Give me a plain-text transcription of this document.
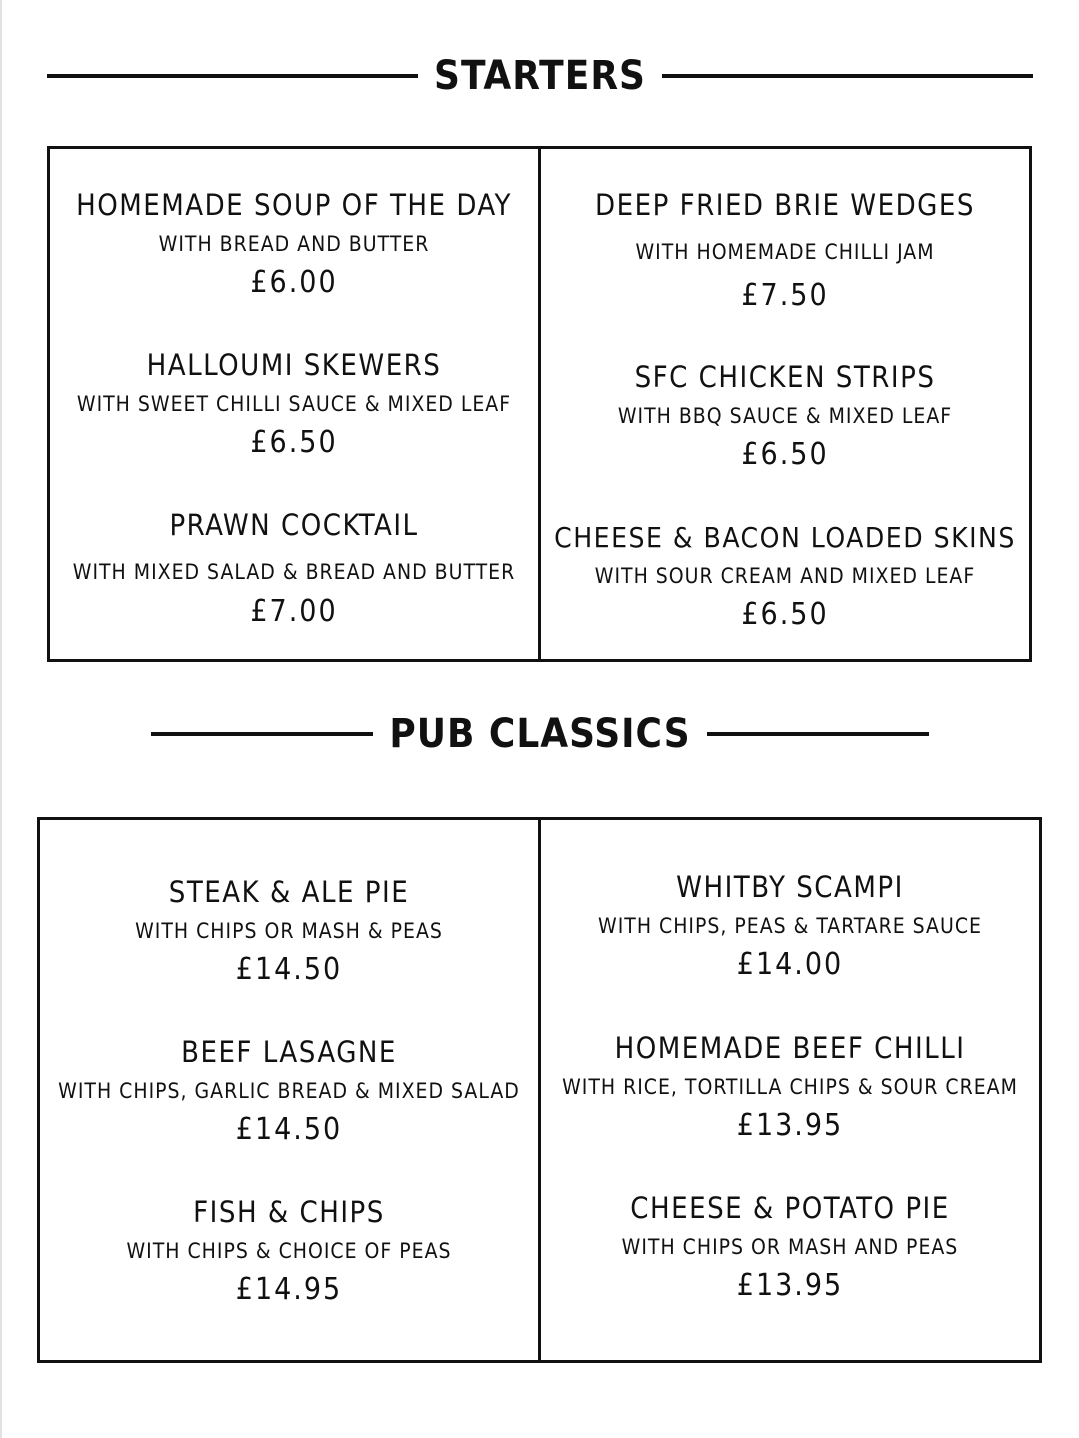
STARTERS
HOMEMADE SOUP OF THE DAY
WITH BREAD AND BUTTER
£6.00
HALLOUMI SKEWERS
WITH SWEET CHILLI SAUCE & MIXED LEAF
£6.50
PRAWN COCKTAIL
WITH MIXED SALAD & BREAD AND BUTTER
£7.00
DEEP FRIED BRIE WEDGES
WITH HOMEMADE CHILLI JAM
£7.50
SFC CHICKEN STRIPS
WITH BBQ SAUCE & MIXED LEAF
£6.50
CHEESE & BACON LOADED SKINS
WITH SOUR CREAM AND MIXED LEAF
£6.50
PUB CLASSICS
STEAK & ALE PIE
WITH CHIPS OR MASH & PEAS
£14.50
BEEF LASAGNE
WITH CHIPS, GARLIC BREAD & MIXED SALAD
£14.50
FISH & CHIPS
WITH CHIPS & CHOICE OF PEAS
£14.95
WHITBY SCAMPI
WITH CHIPS, PEAS & TARTARE SAUCE
£14.00
HOMEMADE BEEF CHILLI
WITH RICE, TORTILLA CHIPS & SOUR CREAM
£13.95
CHEESE & POTATO PIE
WITH CHIPS OR MASH AND PEAS
£13.95
